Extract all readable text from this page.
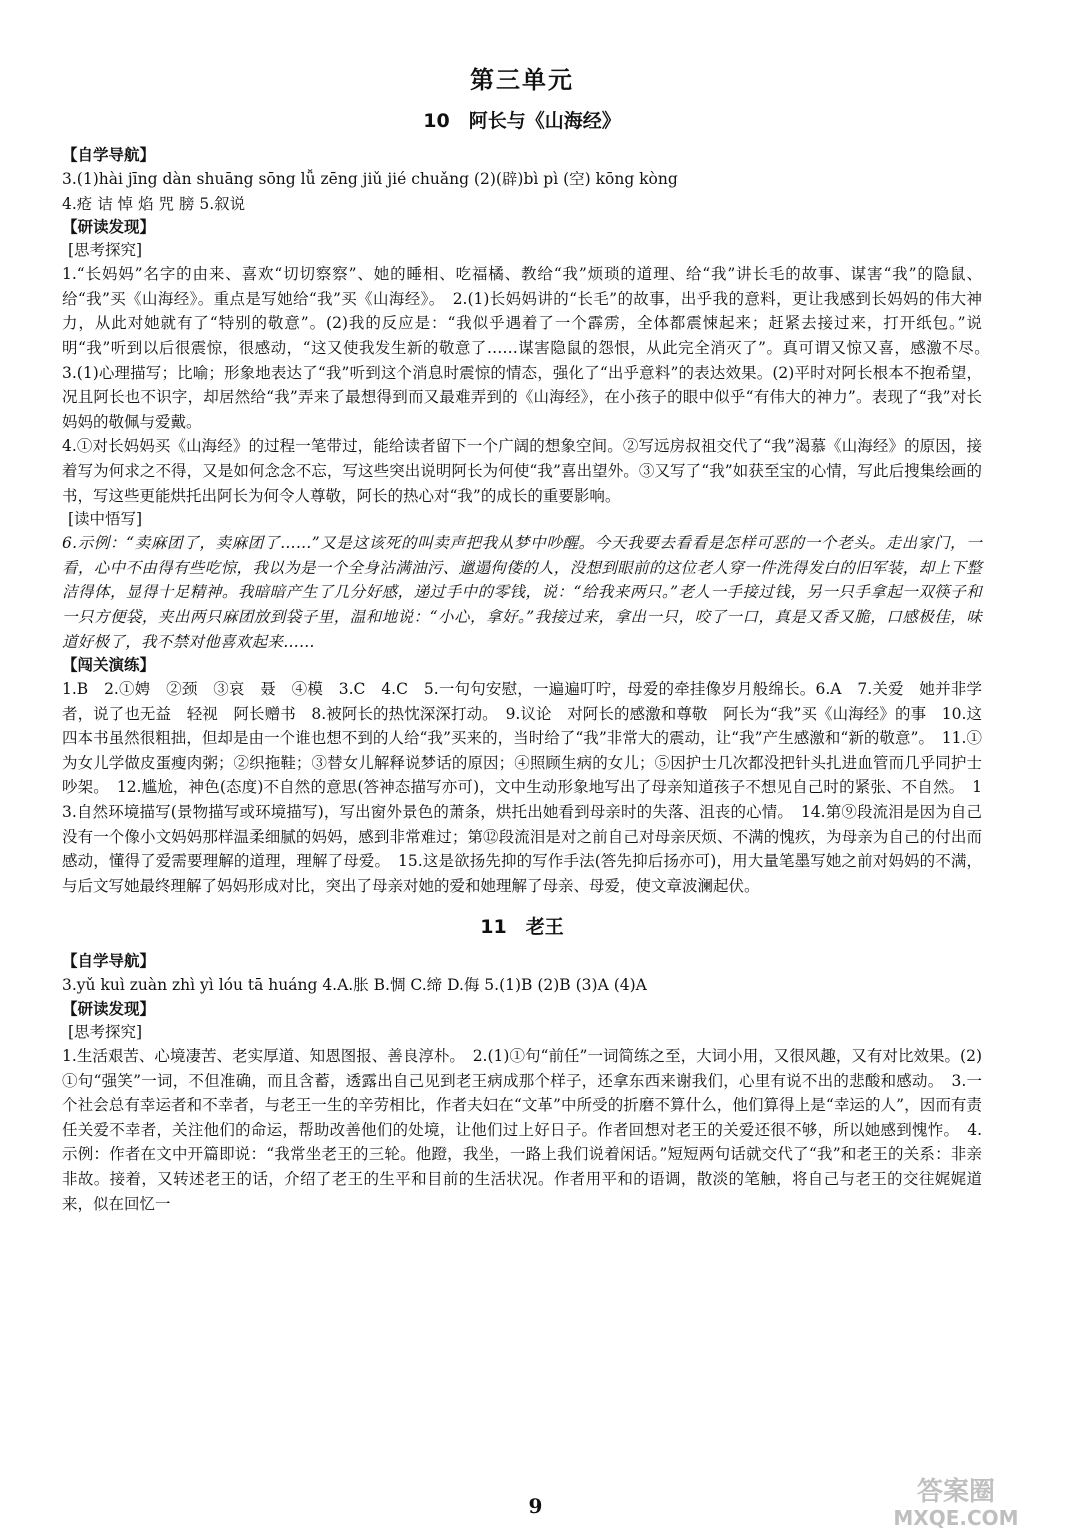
第三单元
10　阿长与《山海经》

【自学导航】

3.(1)hài jīng dàn shuāng sōng lǚ zēng jiǔ jié chuǎng (2)(辟)bì pì (空) kōng kòng

4.疮 诘 悼 焰 咒 膀 5.叙说

【研读发现】

[思考探究]

1.“长妈妈”名字的由来、喜欢“切切察察”、她的睡相、吃福橘、教给“我”烦琐的道理、给“我”讲长毛的故事、谋害“我”的隐鼠、给“我”买《山海经》。重点是写她给“我”买《山海经》。　2.(1)长妈妈讲的“长毛”的故事，出乎我的意料，更让我感到长妈妈的伟大神力，从此对她就有了“特别的敬意”。(2)我的反应是：“我似乎遇着了一个霹雳，全体都震悚起来；赶紧去接过来，打开纸包。”说明“我”听到以后很震惊，很感动，“这又使我发生新的敬意了……谋害隐鼠的怨恨，从此完全消灭了”。真可谓又惊又喜，感激不尽。　3.(1)心理描写；比喻；形象地表达了“我”听到这个消息时震惊的情态，强化了“出乎意料”的表达效果。(2)平时对阿长根本不抱希望，况且阿长也不识字，却居然给“我”弄来了最想得到而又最难弄到的《山海经》，在小孩子的眼中似乎“有伟大的神力”。表现了“我”对长妈妈的敬佩与爱戴。

4.①对长妈妈买《山海经》的过程一笔带过，能给读者留下一个广阔的想象空间。②写远房叔祖交代了“我”渴慕《山海经》的原因，接着写为何求之不得，又是如何念念不忘，写这些突出说明阿长为何使“我”喜出望外。③又写了“我”如获至宝的心情，写此后搜集绘画的书，写这些更能烘托出阿长为何令人尊敬，阿长的热心对“我”的成长的重要影响。

[读中悟写]

6.示例：“卖麻团了，卖麻团了……”又是这该死的叫卖声把我从梦中吵醒。今天我要去看看是怎样可恶的一个老头。走出家门，一看，心中不由得有些吃惊，我以为是一个全身沾满油污、邋遢佝偻的人，没想到眼前的这位老人穿一件洗得发白的旧军装，却上下整洁得体，显得十足精神。我暗暗产生了几分好感，递过手中的零钱，说：“给我来两只。”老人一手接过钱，另一只手拿起一双筷子和一只方便袋，夹出两只麻团放到袋子里，温和地说：“小心，拿好。”我接过来，拿出一只，咬了一口，真是又香又脆，口感极佳，味道好极了，我不禁对他喜欢起来……

【闯关演练】

1.B　2.①娉　②颈　③哀　聂　④模　3.C　4.C　5.一句句安慰，一遍遍叮咛，母爱的牵挂像岁月般绵长。6.A　7.关爱　她并非学者，说了也无益　轻视　阿长赠书　8.被阿长的热忱深深打动。　9.议论　对阿长的感激和尊敬　阿长为“我”买《山海经》的事　10.这四本书虽然很粗拙，但却是由一个谁也想不到的人给“我”买来的，当时给了“我”非常大的震动，让“我”产生感激和“新的敬意”。　11.①为女儿学做皮蛋瘦肉粥；②织拖鞋；③替女儿解释说梦话的原因；④照顾生病的女儿；⑤因护士几次都没把针头扎进血管而几乎同护士吵架。　12.尴尬，神色(态度)不自然的意思(答神态描写亦可)，文中生动形象地写出了母亲知道孩子不想见自己时的紧张、不自然。　13.自然环境描写(景物描写或环境描写)，写出窗外景色的萧条，烘托出她看到母亲时的失落、沮丧的心情。　14.第⑨段流泪是因为自己没有一个像小文妈妈那样温柔细腻的妈妈，感到非常难过；第⑫段流泪是对之前自己对母亲厌烦、不满的愧疚，为母亲为自己的付出而感动，懂得了爱需要理解的道理，理解了母爱。　15.这是欲扬先抑的写作手法(答先抑后扬亦可)，用大量笔墨写她之前对妈妈的不满，与后文写她最终理解了妈妈形成对比，突出了母亲对她的爱和她理解了母亲、母爱，使文章波澜起伏。

11　老王

【自学导航】

3.yǔ kuì zuàn zhì yì lóu tā huáng 4.A.胀 B.惆 C.缔 D.侮 5.(1)B (2)B (3)A (4)A

【研读发现】

[思考探究]

1.生活艰苦、心境凄苦、老实厚道、知恩图报、善良淳朴。　2.(1)①句“前任”一词简练之至，大词小用，又很风趣，又有对比效果。(2)①句“强笑”一词，不但准确，而且含蓄，透露出自己见到老王病成那个样子，还拿东西来谢我们，心里有说不出的悲酸和感动。　3.一个社会总有幸运者和不幸者，与老王一生的辛劳相比，作者夫妇在“文革”中所受的折磨不算什么，他们算得上是“幸运的人”，因而有责任关爱不幸者，关注他们的命运，帮助改善他们的处境，让他们过上好日子。作者回想对老王的关爱还很不够，所以她感到愧怍。　4.示例：作者在文中开篇即说：“我常坐老王的三轮。他蹬，我坐，一路上我们说着闲话。”短短两句话就交代了“我”和老王的关系：非亲非故。接着，又转述老王的话，介绍了老王的生平和目前的生活状况。作者用平和的语调，散淡的笔触，将自己与老王的交往娓娓道来，似在回忆一

9	答案圈
MXQE.COM
